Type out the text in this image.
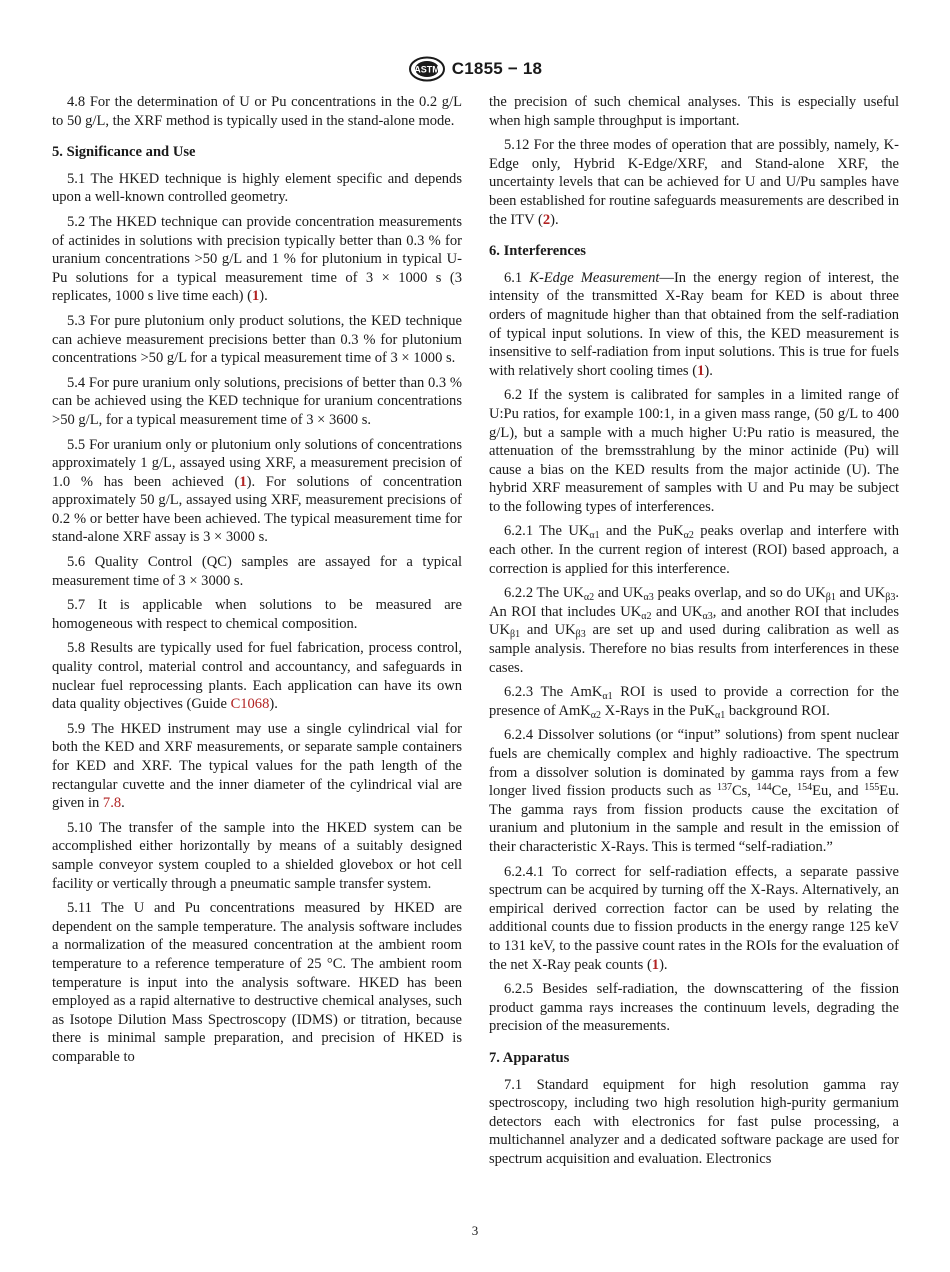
ASTM C1855 − 18

4.8 For the determination of U or Pu concentrations in the 0.2 g/L to 50 g/L, the XRF method is typically used in the stand-alone mode.

5. Significance and Use

5.1 The HKED technique is highly element specific and depends upon a well-known controlled geometry.

5.2 The HKED technique can provide concentration measurements of actinides in solutions with precision typically better than 0.3 % for uranium concentrations >50 g/L and 1 % for plutonium in typical U-Pu solutions for a typical measurement time of 3 × 1000 s (3 replicates, 1000 s live time each) (1).

5.3 For pure plutonium only product solutions, the KED technique can achieve measurement precisions better than 0.3 % for plutonium concentrations >50 g/L for a typical measurement time of 3 × 1000 s.

5.4 For pure uranium only solutions, precisions of better than 0.3 % can be achieved using the KED technique for uranium concentrations >50 g/L, for a typical measurement time of 3 × 3600 s.

5.5 For uranium only or plutonium only solutions of concentrations approximately 1 g/L, assayed using XRF, a measurement precision of 1.0 % has been achieved (1). For solutions of concentration approximately 50 g/L, assayed using XRF, measurement precisions of 0.2 % or better have been achieved. The typical measurement time for stand-alone XRF assay is 3 × 3000 s.

5.6 Quality Control (QC) samples are assayed for a typical measurement time of 3 × 3000 s.

5.7 It is applicable when solutions to be measured are homogeneous with respect to chemical composition.

5.8 Results are typically used for fuel fabrication, process control, quality control, material control and accountancy, and safeguards in nuclear fuel reprocessing plants. Each application can have its own data quality objectives (Guide C1068).

5.9 The HKED instrument may use a single cylindrical vial for both the KED and XRF measurements, or separate sample containers for KED and XRF. The typical values for the path length of the rectangular cuvette and the inner diameter of the cylindrical vial are given in 7.8.

5.10 The transfer of the sample into the HKED system can be accomplished either horizontally by means of a suitably designed sample conveyor system coupled to a shielded glovebox or hot cell facility or vertically through a pneumatic sample transfer system.

5.11 The U and Pu concentrations measured by HKED are dependent on the sample temperature. The analysis software includes a normalization of the measured concentration at the ambient room temperature to a reference temperature of 25 °C. The ambient room temperature is input into the analysis software. HKED has been employed as a rapid alternative to destructive chemical analyses, such as Isotope Dilution Mass Spectroscopy (IDMS) or titration, because there is minimal sample preparation, and precision of HKED is comparable to

the precision of such chemical analyses. This is especially useful when high sample throughput is important.

5.12 For the three modes of operation that are possibly, namely, K-Edge only, Hybrid K-Edge/XRF, and Stand-alone XRF, the uncertainty levels that can be achieved for U and U/Pu samples have been established for routine safeguards measurements are described in the ITV (2).

6. Interferences

6.1 K-Edge Measurement—In the energy region of interest, the intensity of the transmitted X-Ray beam for KED is about three orders of magnitude higher than that obtained from the self-radiation of typical input solutions. In view of this, the KED measurement is insensitive to self-radiation from input solutions. This is true for fuels with relatively short cooling times (1).

6.2 If the system is calibrated for samples in a limited range of U:Pu ratios, for example 100:1, in a given mass range, (50 g/L to 400 g/L), but a sample with a much higher U:Pu ratio is measured, the attenuation of the bremsstrahlung by the minor actinide (Pu) will cause a bias on the KED results from the major actinide (U). The hybrid XRF measurement of samples with U and Pu may be subject to the following types of interferences.

6.2.1 The $UK_{\alpha 1}$ and the PuK$_{\alpha 2}$ peaks overlap and interfere with each other. In the current region of interest (ROI) based approach, a correction is applied for this interference.

6.2.2 The $UK_{\alpha 2}$ and $UK_{\alpha 3}$ peaks overlap, and so do $UK_{\beta 1}$ and $UK_{\beta 3}$. An ROI that includes $UK_{\alpha 2}$ and $UK_{\alpha 3}$, and another ROI that includes $UK_{\beta 1}$ and $UK_{\beta 3}$ are set up and used during calibration as well as sample analysis. Therefore no bias results from interferences in these cases.

6.2.3 The AmK$_{\alpha 1}$ ROI is used to provide a correction for the presence of AmK$_{\alpha 2}$ X-Rays in the PuK$_{\alpha 1}$ background ROI.

6.2.4 Dissolver solutions (or “input” solutions) from spent nuclear fuels are chemically complex and highly radioactive. The spectrum from a dissolver solution is dominated by gamma rays from a few longer lived fission products such as $^{137}$Cs, $^{144}$Ce, $^{154}$Eu, and $^{155}$Eu. The gamma rays from fission products cause the excitation of uranium and plutonium in the sample and result in the emission of their characteristic X-Rays. This is termed “self-radiation.”

6.2.4.1 To correct for self-radiation effects, a separate passive spectrum can be acquired by turning off the X-Rays. Alternatively, an empirical derived correction factor can be used by relating the additional counts due to fission products in the energy range 125 keV to 131 keV, to the passive count rates in the ROIs for the evaluation of the net X-Ray peak counts (1).

6.2.5 Besides self-radiation, the downscattering of the fission product gamma rays increases the continuum levels, degrading the precision of the measurements.

7. Apparatus

7.1 Standard equipment for high resolution gamma ray spectroscopy, including two high resolution high-purity germanium detectors each with electronics for fast pulse processing, a multichannel analyzer and a dedicated software package are used for spectrum acquisition and evaluation. Electronics

3
